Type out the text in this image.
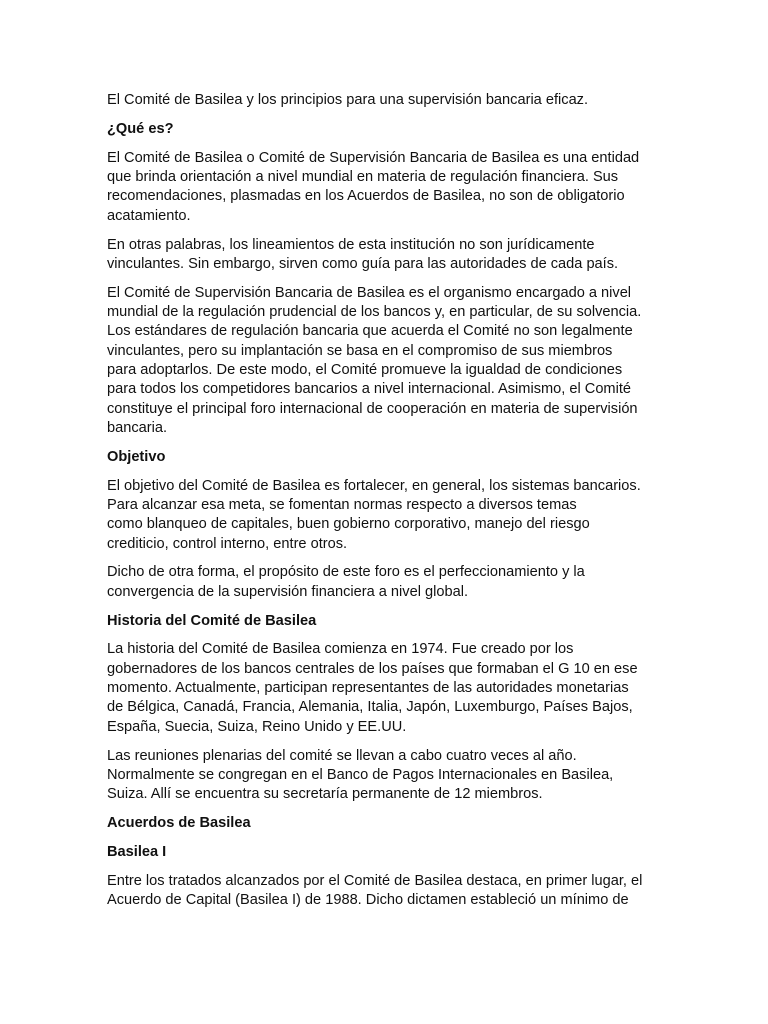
El Comité de Basilea y los principios para una supervisión bancaria eficaz.

¿Qué es?

El Comité de Basilea o Comité de Supervisión Bancaria de Basilea es una entidad
que brinda orientación a nivel mundial en materia de regulación financiera. Sus
recomendaciones, plasmadas en los Acuerdos de Basilea, no son de obligatorio
acatamiento.

En otras palabras, los lineamientos de esta institución no son jurídicamente
vinculantes. Sin embargo, sirven como guía para las autoridades de cada país.

El Comité de Supervisión Bancaria de Basilea es el organismo encargado a nivel
mundial de la regulación prudencial de los bancos y, en particular, de su solvencia.
Los estándares de regulación bancaria que acuerda el Comité no son legalmente
vinculantes, pero su implantación se basa en el compromiso de sus miembros
para adoptarlos. De este modo, el Comité promueve la igualdad de condiciones
para todos los competidores bancarios a nivel internacional. Asimismo, el Comité
constituye el principal foro internacional de cooperación en materia de supervisión
bancaria.

Objetivo

El objetivo del Comité de Basilea es fortalecer, en general, los sistemas bancarios.
Para alcanzar esa meta, se fomentan normas respecto a diversos temas
como blanqueo de capitales, buen gobierno corporativo, manejo del riesgo
crediticio, control interno, entre otros.

Dicho de otra forma, el propósito de este foro es el perfeccionamiento y la
convergencia de la supervisión financiera a nivel global.

Historia del Comité de Basilea

La historia del Comité de Basilea comienza en 1974. Fue creado por los
gobernadores de los bancos centrales de los países que formaban el G 10 en ese
momento. Actualmente, participan representantes de las autoridades monetarias
de Bélgica, Canadá, Francia, Alemania, Italia, Japón, Luxemburgo, Países Bajos,
España, Suecia, Suiza, Reino Unido y EE.UU.

Las reuniones plenarias del comité se llevan a cabo cuatro veces al año.
Normalmente se congregan en el Banco de Pagos Internacionales en Basilea,
Suiza. Allí se encuentra su secretaría permanente de 12 miembros.

Acuerdos de Basilea

Basilea I

Entre los tratados alcanzados por el Comité de Basilea destaca, en primer lugar, el
Acuerdo de Capital (Basilea I) de 1988. Dicho dictamen estableció un mínimo de
